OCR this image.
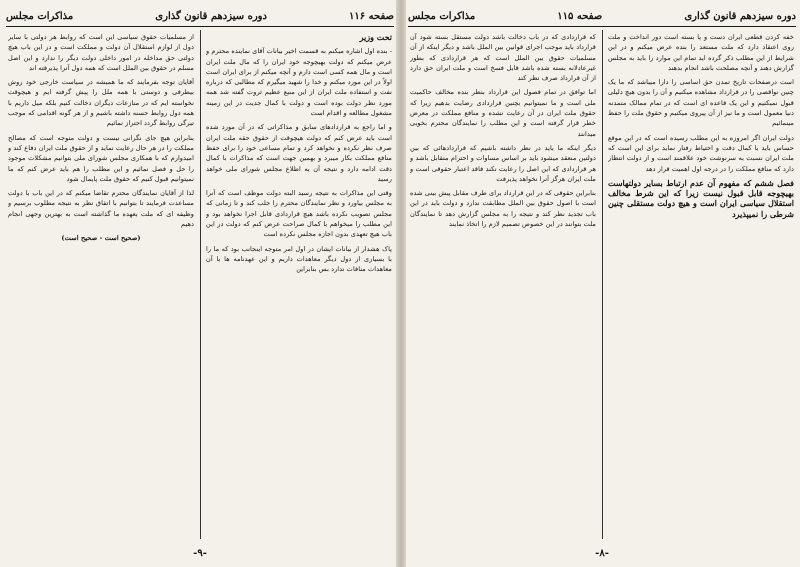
صفحه ۱۱۶
دوره سیزدهم قانون گذاری
مذاکرات مجلس

تحت وزیر

- بنده اول اشاره میکنم به قسمت اخیر بیانات آقای نماینده محترم و عرض میکنم که دولت بهیچوجه خود ایران را که مال ملت ایران است و مال همه کسی است دارم و آنچه میکنم از برای ایران است اولاً در این مورد میکنم و خدا را شهید میگیرم که مطالبی که درباره نفت و استفاده ملت ایران از این منبع عظیم ثروت گفته شد همه مورد نظر دولت بوده است و دولت با کمال جدیت در این زمینه مشغول مطالعه و اقدام است

و اما راجع به قراردادهای سابق و مذاکراتی که در آن مورد شده است باید عرض کنم که دولت هیچوقت از حقوق حقه ملت ایران صرف نظر نکرده و نخواهد کرد و تمام مساعی خود را برای حفظ منافع مملکت بکار میبرد و بهمین جهت است که مذاکرات با کمال دقت ادامه دارد و نتیجه آن به اطلاع مجلس شورای ملی خواهد رسید

وقتی این مذاکرات به نتیجه رسید البته دولت موظف است که آنرا به مجلس بیاورد و نظر نمایندگان محترم را جلب کند و تا زمانی که مجلس تصویب نکرده باشد هیچ قراردادی قابل اجرا نخواهد بود و این مطلب را میخواهم با کمال صراحت عرض کنم که دولت در این باب هیچ تعهدی بدون اجازه مجلس نکرده است

پاک هشدار از بیانات ایشان در اول امر متوجه اینجانب بود که ما را با بسیاری از دول دیگر معاهدات داریم و این عهدنامه ها با آن معاهدات منافات ندارد بس بنابراین

از مسلمیات حقوق سیاسی این است که روابط هر دولتی با سایر دول از لوازم استقلال آن دولت و مملکت است و در این باب هیچ دولتی حق مداخله در امور داخلی دولت دیگر را ندارد و این اصل مسلم در حقوق بین الملل است که همه دول آنرا پذیرفته اند

آقایان توجه بفرمایند که ما همیشه در سیاست خارجی خود روش بیطرفی و دوستی با همه ملل را پیش گرفته ایم و هیچوقت نخواسته ایم که در منازعات دیگران دخالت کنیم بلکه میل داریم با همه دول روابط حسنه داشته باشیم و از هر گونه اقدامی که موجب تیرگی روابط گردد احتراز نمائیم

بنابراین هیچ جای نگرانی نیست و دولت متوجه است که مصالح مملکت را در هر حال رعایت نماید و از حقوق ملت ایران دفاع کند و امیدوارم که با همکاری مجلس شورای ملی بتوانیم مشکلات موجود را حل و فصل نمائیم و این مطلب را هم باید عرض کنم که ما نمیتوانیم قبول کنیم که حقوق ملت پایمال شود

لذا از آقایان نمایندگان محترم تقاضا میکنم که در این باب با دولت مساعدت فرمایند تا بتوانیم با اتفاق نظر به نتیجه مطلوب برسیم و وظیفه ای که ملت بعهده ما گذاشته است به بهترین وجهی انجام دهیم

(صحیح است - صحیح است)

-۹-
دوره سیزدهم قانون گذاری
صفحه ۱۱۵
مذاکرات مجلس

خفه کردن قطعی ایران دست و پا بسته است دور انداخت و ملت روی اعتقاد دارد که ملت مستعد را بنده عرض ميكنم و در این شرایط از این مطلب ذکر گرده اید تمام این موارد را باید به مجلس گزارش دهند و آنچه مصلحت باشد انجام بدهند

است درصفحات تاریخ تمدن حق اساسی را دارا میباشد که ما یک چنین نواقصی را در قرارداد مشاهده میکنیم و آن را بدون هیچ دلیلی قبول نمیکنیم و این یک قاعده ای است که در تمام ممالک متمدنه دنیا معمول است و ما نیز از آن پیروی میکنیم و حقوق ملت را حفظ مینمائیم

دولت ایران اگر امروزه به این مطلب رسیده است که در این موقع حساس باید با کمال دقت و احتیاط رفتار نماید برای این است که ملت ایران نسبت به سرنوشت خود علاقمند است و از دولت انتظار دارد که منافع مملکت را در درجه اول اهمیت قرار دهد

فصل ششم که مفهوم آن عدم ارتباط بسایر دولتهاست بهیچوجه قابل قبول نیست زیرا که این شرط مخالف استقلال سیاسی ایران است و هیچ دولت مستقلی چنین شرطی را نمیپذیرد

که قراردادی که در باب دخالت باشد دولت مستقل بسته شود آن قرارداد باید موجب اجرای قوانین بین الملل باشد و دیگر اینکه از آن مسلمیات حقوق بین الملل است که هر قراردادی که بطور غیرعادلانه بسته شده باشد قابل فسخ است و ملت ایران حق دارد از آن قرارداد صرف نظر کند

اما توافق در تمام فصول این قرارداد بنظر بنده مخالف حاکمیت ملی است و ما نمیتوانیم بچنین قراردادی رضایت بدهیم زیرا که حقوق ملت ایران در آن رعایت نشده و منافع مملکت در معرض خطر قرار گرفته است و این مطلب را نمایندگان محترم بخوبی میدانند

دیگر اینکه ما باید در نظر داشته باشیم که قراردادهائی که بین دولتین منعقد میشود باید بر اساس مساوات و احترام متقابل باشد و هر قراردادی که این اصل را رعایت نکند فاقد اعتبار حقوقی است و ملت ایران هرگز آنرا نخواهد پذیرفت

بنابراین حقوقی که در این قرارداد برای طرف مقابل پیش بینی شده است با اصول حقوق بین الملل مطابقت ندارد و دولت باید در این باب تجدید نظر کند و نتیجه را به مجلس گزارش دهد تا نمایندگان ملت بتوانند در این خصوص تصمیم لازم را اتخاذ نمایند

-۸-
